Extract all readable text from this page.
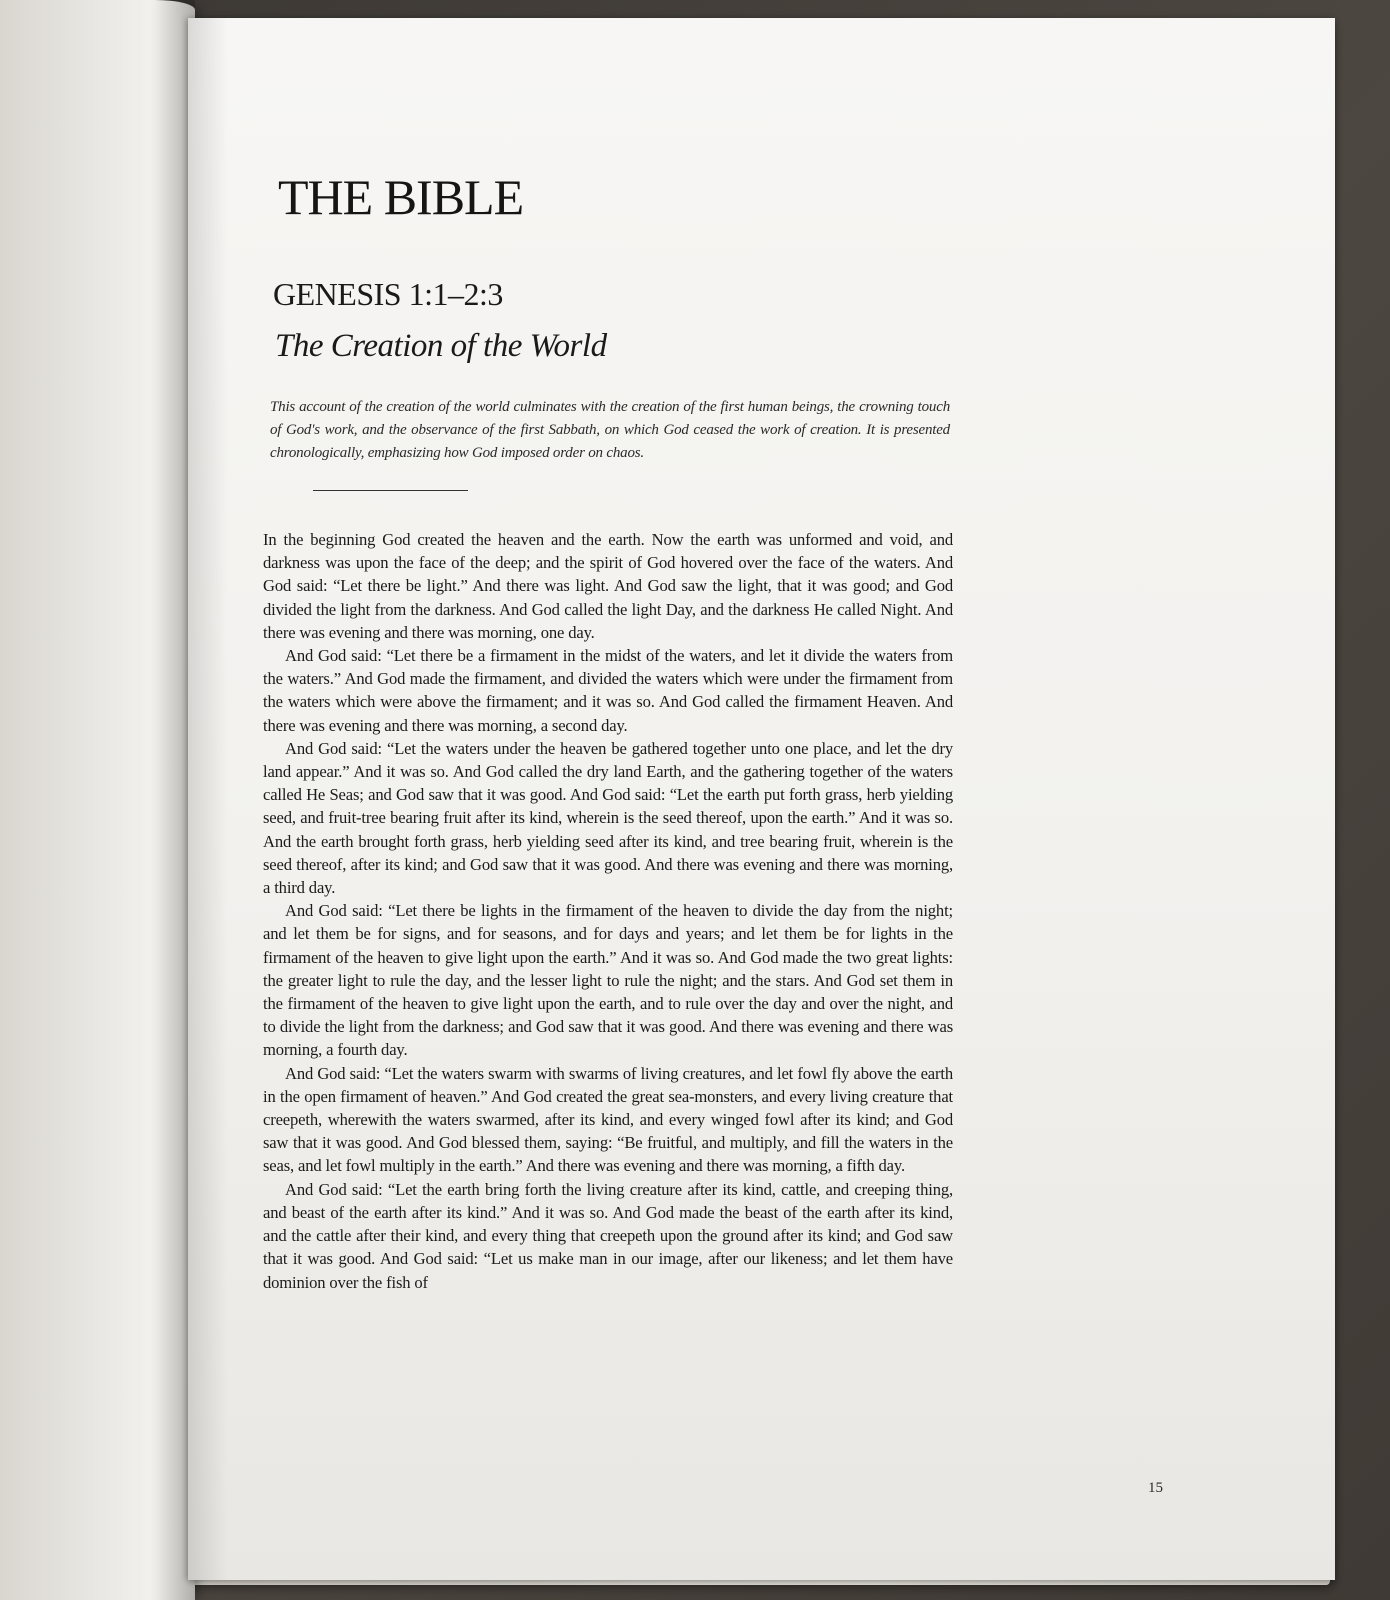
THE BIBLE
GENESIS 1:1–2:3
The Creation of the World

This account of the creation of the world culminates with the creation of the first human beings, the crowning touch of God's work, and the observance of the first Sabbath, on which God ceased the work of creation. It is presented chronologically, emphasizing how God imposed order on chaos.

In the beginning God created the heaven and the earth. Now the earth was unformed and void, and darkness was upon the face of the deep; and the spirit of God hovered over the face of the waters. And God said: “Let there be light.” And there was light. And God saw the light, that it was good; and God divided the light from the darkness. And God called the light Day, and the darkness He called Night. And there was evening and there was morning, one day.

And God said: “Let there be a firmament in the midst of the waters, and let it divide the waters from the waters.” And God made the firmament, and divided the waters which were under the firmament from the waters which were above the firmament; and it was so. And God called the firmament Heaven. And there was evening and there was morning, a second day.

And God said: “Let the waters under the heaven be gathered together unto one place, and let the dry land appear.” And it was so. And God called the dry land Earth, and the gathering together of the waters called He Seas; and God saw that it was good. And God said: “Let the earth put forth grass, herb yielding seed, and fruit-tree bearing fruit after its kind, wherein is the seed thereof, upon the earth.” And it was so. And the earth brought forth grass, herb yielding seed after its kind, and tree bearing fruit, wherein is the seed thereof, after its kind; and God saw that it was good. And there was evening and there was morning, a third day.

And God said: “Let there be lights in the firmament of the heaven to divide the day from the night; and let them be for signs, and for seasons, and for days and years; and let them be for lights in the firmament of the heaven to give light upon the earth.” And it was so. And God made the two great lights: the greater light to rule the day, and the lesser light to rule the night; and the stars. And God set them in the firmament of the heaven to give light upon the earth, and to rule over the day and over the night, and to divide the light from the darkness; and God saw that it was good. And there was evening and there was morning, a fourth day.

And God said: “Let the waters swarm with swarms of living creatures, and let fowl fly above the earth in the open firmament of heaven.” And God created the great sea-monsters, and every living creature that creepeth, wherewith the waters swarmed, after its kind, and every winged fowl after its kind; and God saw that it was good. And God blessed them, saying: “Be fruitful, and multiply, and fill the waters in the seas, and let fowl multiply in the earth.” And there was evening and there was morning, a fifth day.

And God said: “Let the earth bring forth the living creature after its kind, cattle, and creeping thing, and beast of the earth after its kind.” And it was so. And God made the beast of the earth after its kind, and the cattle after their kind, and every thing that creepeth upon the ground after its kind; and God saw that it was good. And God said: “Let us make man in our image, after our likeness; and let them have dominion over the fish of

15
